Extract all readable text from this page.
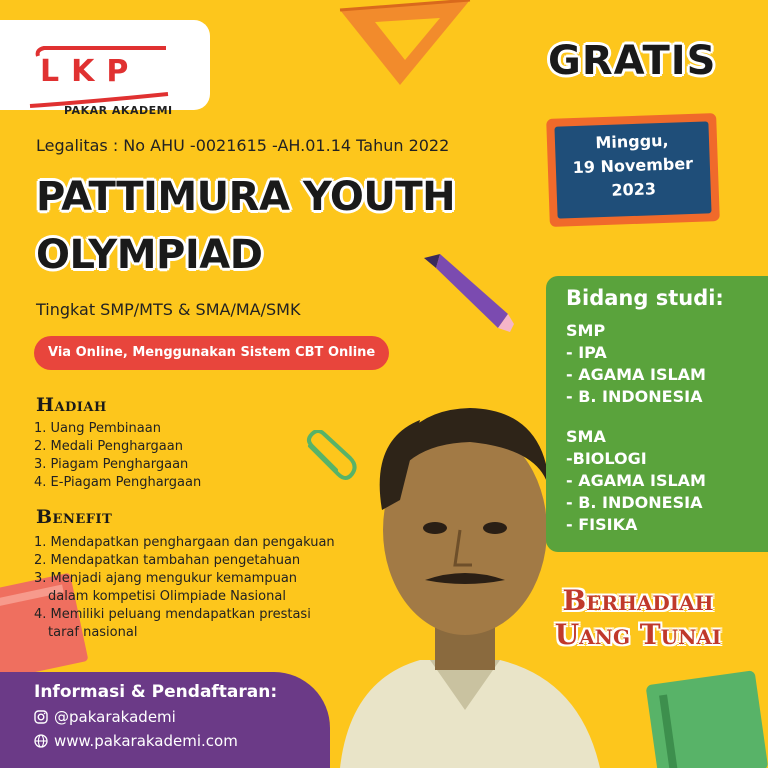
L K P
PAKAR AKADEMI
GRATIS
Minggu,
19 November
2023
Legalitas : No AHU -0021615 -AH.01.14 Tahun 2022
PATTIMURA YOUTH
OLYMPIAD
Tingkat SMP/MTS & SMA/MA/SMK
Via Online, Menggunakan Sistem CBT Online
Hadiah
1. Uang Pembinaan
2. Medali Penghargaan
3. Piagam Penghargaan
4. E-Piagam Penghargaan
Benefit
1. Mendapatkan penghargaan dan pengakuan
2. Mendapatkan tambahan pengetahuan
3. Menjadi ajang mengukur kemampuan
dalam kompetisi Olimpiade Nasional
4. Memiliki peluang mendapatkan prestasi
taraf nasional
Bidang studi:
SMP
- IPA
- AGAMA ISLAM
- B. INDONESIA
SMA
-BIOLOGI
- AGAMA ISLAM
- B. INDONESIA
- FISIKA
Berhadiah
Uang Tunai
Informasi & Pendaftaran:
@pakarakademi
www.pakarakademi.com
